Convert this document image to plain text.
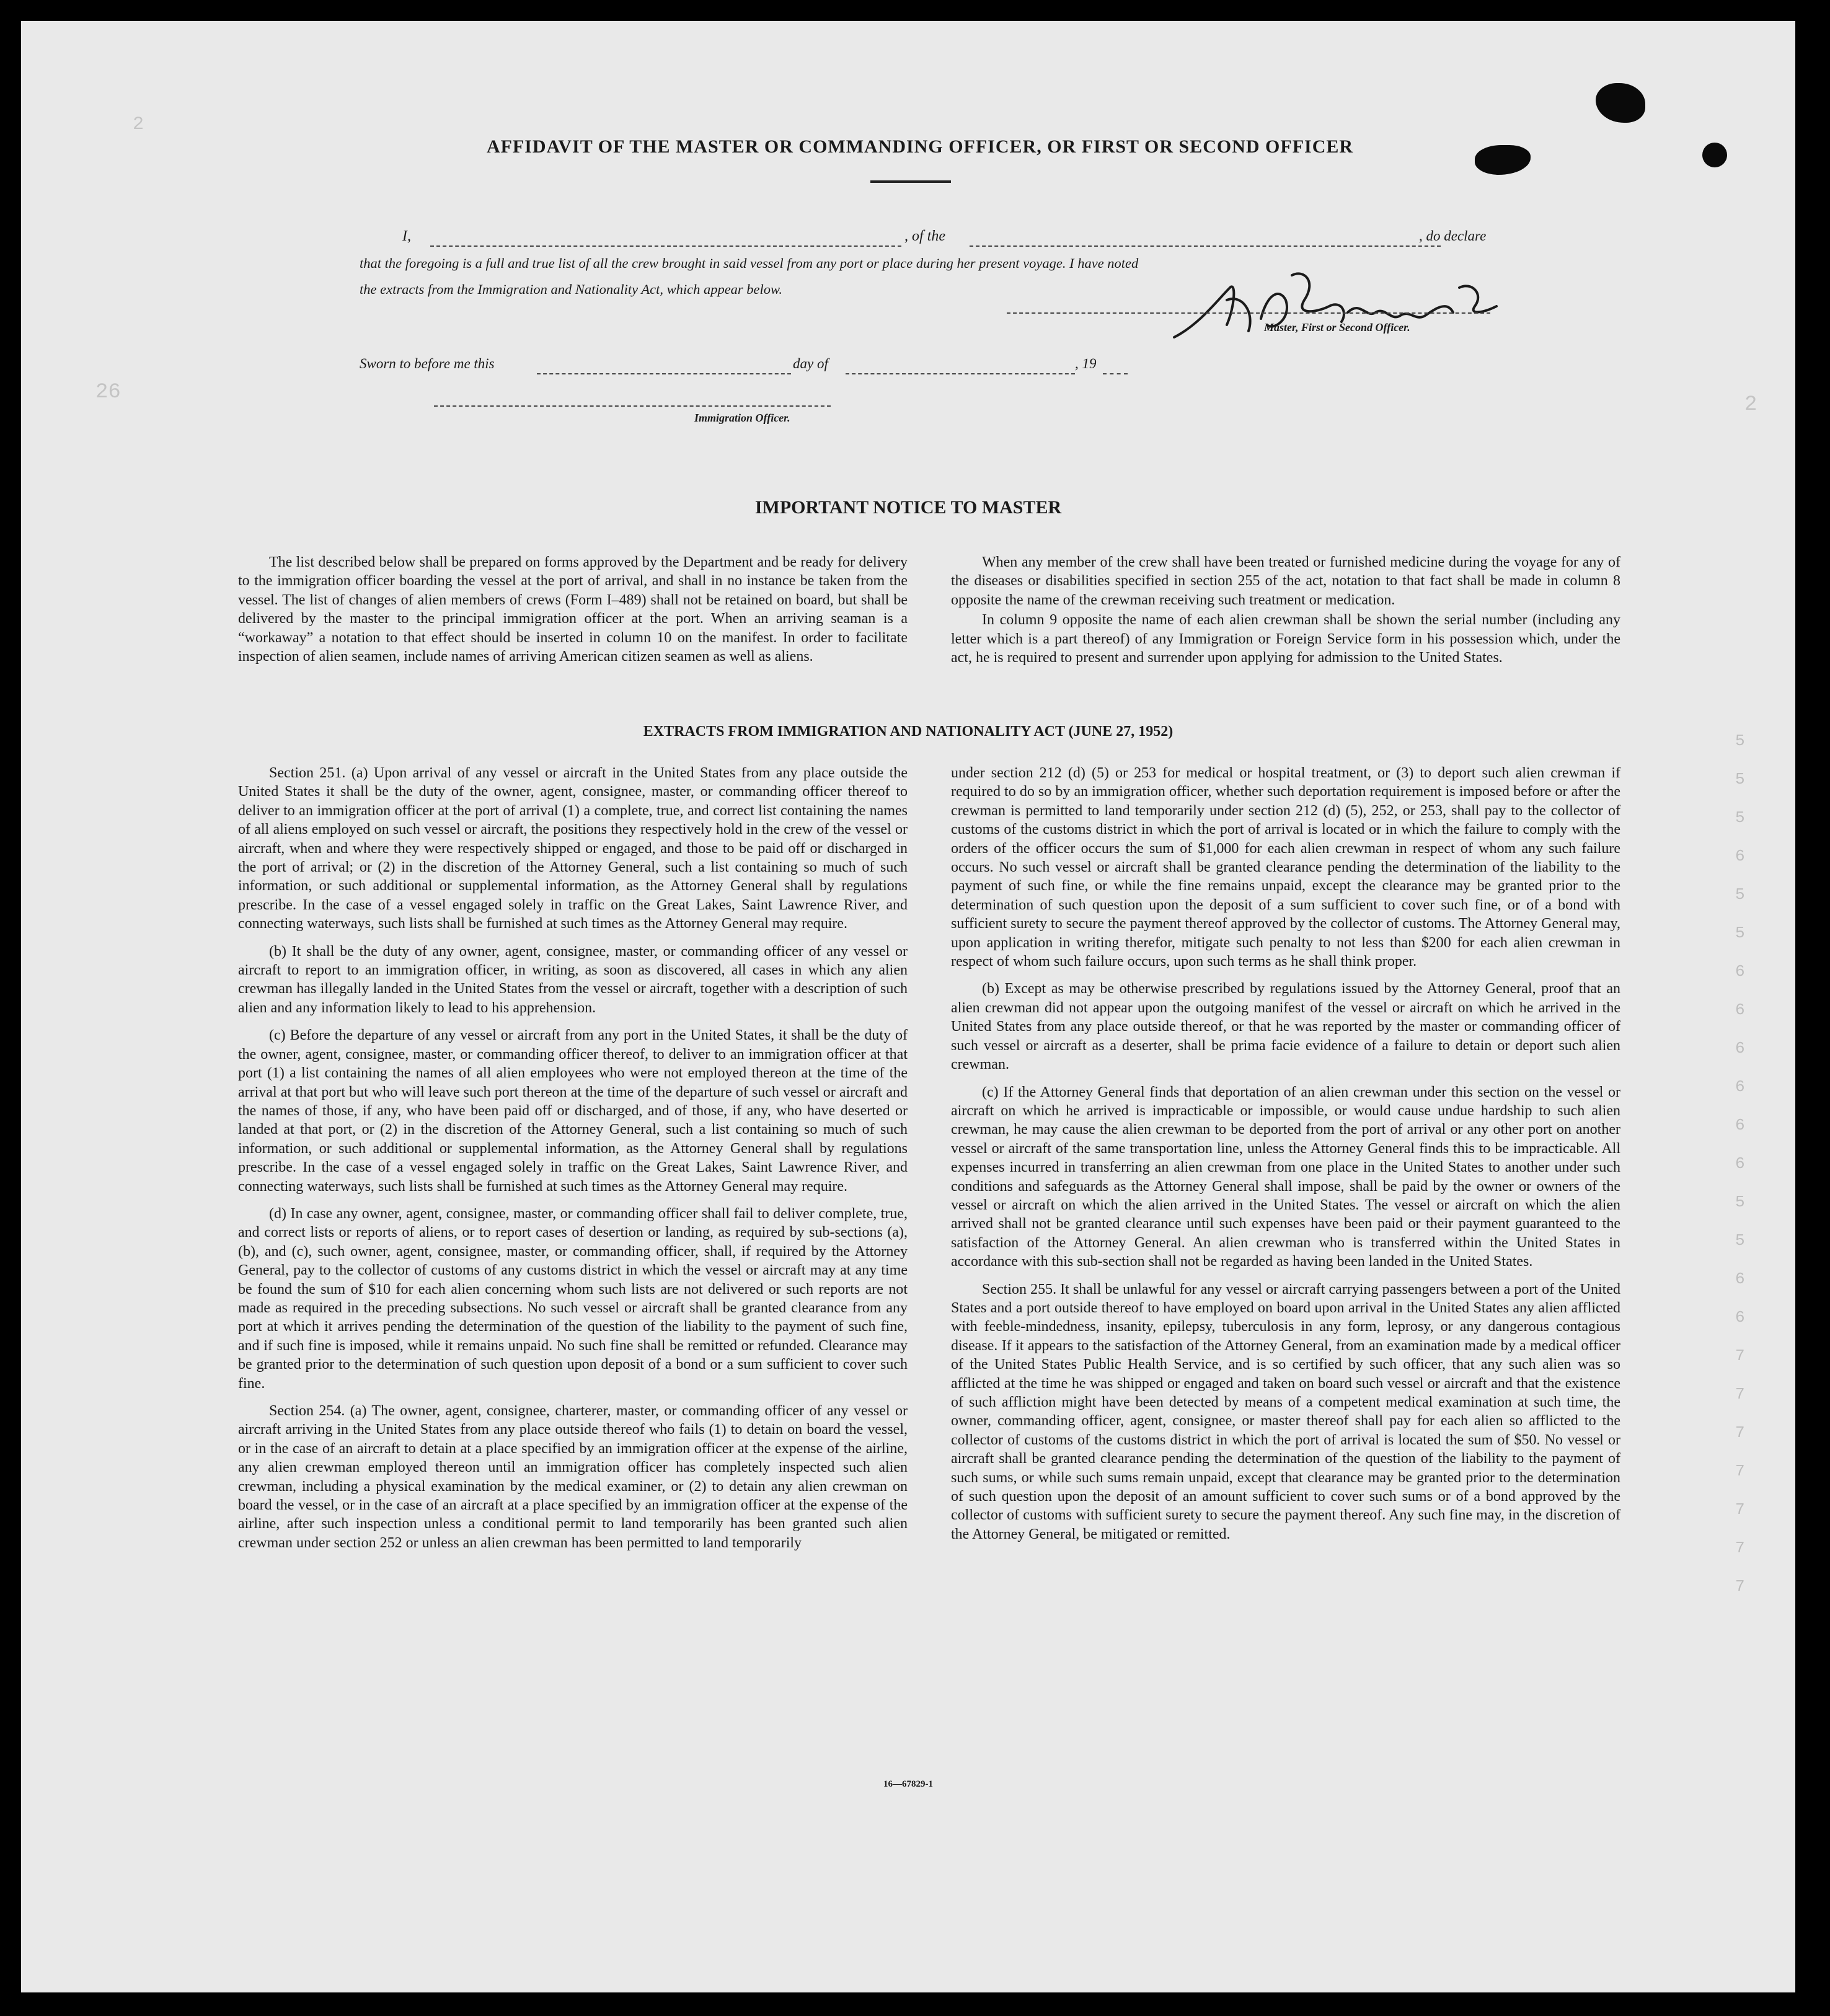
2
26
2
AFFIDAVIT OF THE MASTER OR COMMANDING OFFICER, OR FIRST OR SECOND OFFICER
I,	, of the	, do declare
that the foregoing is a full and true list of all the crew brought in said vessel from any port or place during her present voyage. I have noted
the extracts from the Immigration and Nationality Act, which appear below.
Master, First or Second Officer.
Sworn to before me this	day of	, 19
Immigration Officer.
IMPORTANT NOTICE TO MASTER

The list described below shall be prepared on forms approved by the Department and be ready for delivery to the immigration officer boarding the vessel at the port of arrival, and shall in no instance be taken from the vessel. The list of changes of alien members of crews (Form I–489) shall not be retained on board, but shall be delivered by the master to the principal immigration officer at the port. When an arriving seaman is a “workaway” a notation to that effect should be inserted in column 10 on the manifest. In order to facilitate inspection of alien seamen, include names of arriving American citizen seamen as well as aliens.

When any member of the crew shall have been treated or furnished medicine during the voyage for any of the diseases or disabilities specified in section 255 of the act, notation to that fact shall be made in column 8 opposite the name of the crewman receiving such treatment or medication.

In column 9 opposite the name of each alien crewman shall be shown the serial number (including any letter which is a part thereof) of any Immigration or Foreign Service form in his possession which, under the act, he is required to present and surrender upon applying for admission to the United States.

EXTRACTS FROM IMMIGRATION AND NATIONALITY ACT (JUNE 27, 1952)

Section 251. (a) Upon arrival of any vessel or aircraft in the United States from any place outside the United States it shall be the duty of the owner, agent, consignee, master, or commanding officer thereof to deliver to an immigration officer at the port of arrival (1) a complete, true, and correct list containing the names of all aliens employed on such vessel or aircraft, the positions they respectively hold in the crew of the vessel or aircraft, when and where they were respectively shipped or engaged, and those to be paid off or discharged in the port of arrival; or (2) in the discretion of the Attorney General, such a list containing so much of such information, or such additional or supplemental information, as the Attorney General shall by regulations prescribe. In the case of a vessel engaged solely in traffic on the Great Lakes, Saint Lawrence River, and connecting waterways, such lists shall be furnished at such times as the Attorney General may require.

(b) It shall be the duty of any owner, agent, consignee, master, or commanding officer of any vessel or aircraft to report to an immigration officer, in writing, as soon as discovered, all cases in which any alien crewman has illegally landed in the United States from the vessel or aircraft, together with a description of such alien and any information likely to lead to his apprehension.

(c) Before the departure of any vessel or aircraft from any port in the United States, it shall be the duty of the owner, agent, consignee, master, or commanding officer thereof, to deliver to an immigration officer at that port (1) a list containing the names of all alien employees who were not employed thereon at the time of the arrival at that port but who will leave such port thereon at the time of the departure of such vessel or aircraft and the names of those, if any, who have been paid off or discharged, and of those, if any, who have deserted or landed at that port, or (2) in the discretion of the Attorney General, such a list containing so much of such information, or such additional or supplemental information, as the Attorney General shall by regulations prescribe. In the case of a vessel engaged solely in traffic on the Great Lakes, Saint Lawrence River, and connecting waterways, such lists shall be furnished at such times as the Attorney General may require.

(d) In case any owner, agent, consignee, master, or commanding officer shall fail to deliver complete, true, and correct lists or reports of aliens, or to report cases of desertion or landing, as required by sub-sections (a), (b), and (c), such owner, agent, consignee, master, or commanding officer, shall, if required by the Attorney General, pay to the collector of customs of any customs district in which the vessel or aircraft may at any time be found the sum of $10 for each alien concerning whom such lists are not delivered or such reports are not made as required in the preceding subsections. No such vessel or aircraft shall be granted clearance from any port at which it arrives pending the determination of the question of the liability to the payment of such fine, and if such fine is imposed, while it remains unpaid. No such fine shall be remitted or refunded. Clearance may be granted prior to the determination of such question upon deposit of a bond or a sum sufficient to cover such fine.

Section 254. (a) The owner, agent, consignee, charterer, master, or commanding officer of any vessel or aircraft arriving in the United States from any place outside thereof who fails (1) to detain on board the vessel, or in the case of an aircraft to detain at a place specified by an immigration officer at the expense of the airline, any alien crewman employed thereon until an immigration officer has completely inspected such alien crewman, including a physical examination by the medical examiner, or (2) to detain any alien crewman on board the vessel, or in the case of an aircraft at a place specified by an immigration officer at the expense of the airline, after such inspection unless a conditional permit to land temporarily has been granted such alien crewman under section 252 or unless an alien crewman has been permitted to land temporarily

under section 212 (d) (5) or 253 for medical or hospital treatment, or (3) to deport such alien crewman if required to do so by an immigration officer, whether such deportation requirement is imposed before or after the crewman is permitted to land temporarily under section 212 (d) (5), 252, or 253, shall pay to the collector of customs of the customs district in which the port of arrival is located or in which the failure to comply with the orders of the officer occurs the sum of $1,000 for each alien crewman in respect of whom any such failure occurs. No such vessel or aircraft shall be granted clearance pending the determination of the liability to the payment of such fine, or while the fine remains unpaid, except the clearance may be granted prior to the determination of such question upon the deposit of a sum sufficient to cover such fine, or of a bond with sufficient surety to secure the payment thereof approved by the collector of customs. The Attorney General may, upon application in writing therefor, mitigate such penalty to not less than $200 for each alien crewman in respect of whom such failure occurs, upon such terms as he shall think proper.

(b) Except as may be otherwise prescribed by regulations issued by the Attorney General, proof that an alien crewman did not appear upon the outgoing manifest of the vessel or aircraft on which he arrived in the United States from any place outside thereof, or that he was reported by the master or commanding officer of such vessel or aircraft as a deserter, shall be prima facie evidence of a failure to detain or deport such alien crewman.

(c) If the Attorney General finds that deportation of an alien crewman under this section on the vessel or aircraft on which he arrived is impracticable or impossible, or would cause undue hardship to such alien crewman, he may cause the alien crewman to be deported from the port of arrival or any other port on another vessel or aircraft of the same transportation line, unless the Attorney General finds this to be impracticable. All expenses incurred in transferring an alien crewman from one place in the United States to another under such conditions and safeguards as the Attorney General shall impose, shall be paid by the owner or owners of the vessel or aircraft on which the alien arrived in the United States. The vessel or aircraft on which the alien arrived shall not be granted clearance until such expenses have been paid or their payment guaranteed to the satisfaction of the Attorney General. An alien crewman who is transferred within the United States in accordance with this sub-section shall not be regarded as having been landed in the United States.

Section 255. It shall be unlawful for any vessel or aircraft carrying passengers between a port of the United States and a port outside thereof to have employed on board upon arrival in the United States any alien afflicted with feeble-mindedness, insanity, epilepsy, tuberculosis in any form, leprosy, or any dangerous contagious disease. If it appears to the satisfaction of the Attorney General, from an examination made by a medical officer of the United States Public Health Service, and is so certified by such officer, that any such alien was so afflicted at the time he was shipped or engaged and taken on board such vessel or aircraft and that the existence of such affliction might have been detected by means of a competent medical examination at such time, the owner, commanding officer, agent, consignee, or master thereof shall pay for each alien so afflicted to the collector of customs of the customs district in which the port of arrival is located the sum of $50. No vessel or aircraft shall be granted clearance pending the determination of the question of the liability to the payment of such sums, or while such sums remain unpaid, except that clearance may be granted prior to the determination of such question upon the deposit of an amount sufficient to cover such sums or of a bond approved by the collector of customs with sufficient surety to secure the payment thereof. Any such fine may, in the discretion of the Attorney General, be mitigated or remitted.

16—67829-1
5
5
5
6
5
5
6
6
6
6
6
6
5
5
6
6
7
7
7
7
7
7
7
